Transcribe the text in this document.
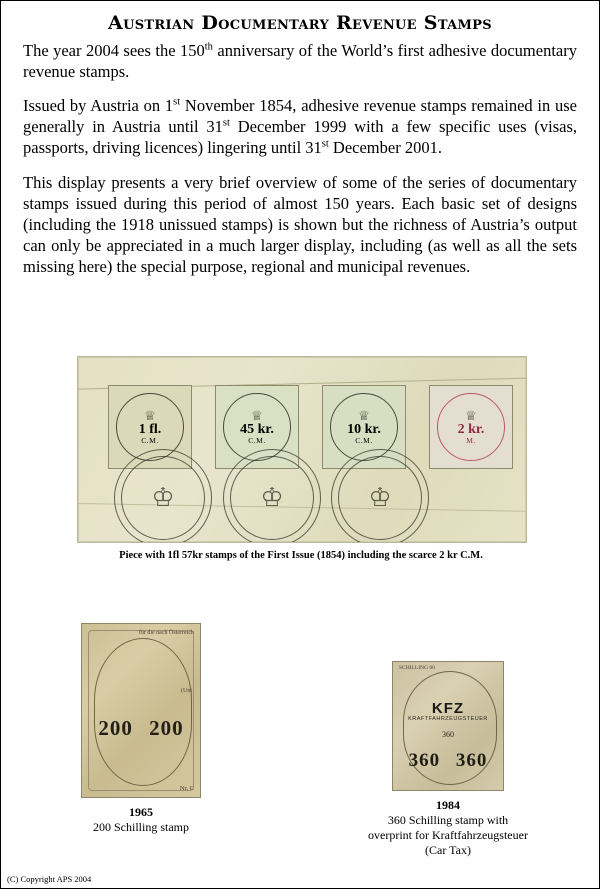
Austrian Documentary Revenue Stamps

The year 2004 sees the 150th anniversary of the World’s first adhesive documentary revenue stamps.

Issued by Austria on 1st November 1854, adhesive revenue stamps remained in use generally in Austria until 31st December 1999 with a few specific uses (visas, passports, driving licences) lingering until 31st December 2001.

This display presents a very brief overview of some of the series of documentary stamps issued during this period of almost 150 years. Each basic set of designs (including the 1918 unissued stamps) is shown but the richness of Austria’s output can only be appreciated in a much larger display, including (as well as all the sets missing here) the special purpose, regional and municipal revenues.

♕
1 fl.
C.M.
♕
45 kr.
C.M.
♕
10 kr.
C.M.
♕
2 kr.
M.
♔	♔	♔
Piece with 1fl 57kr stamps of the First Issue (1854) including the scarce 2 kr C.M.
für die nach Österreich
(Unt
200 200
Nr. C
1965
200 Schilling stamp
SCHILLING 60
KFZ
KRAFTFAHRZEUGSTEUER
360
360 360
1984
360 Schilling stamp with
overprint for Kraftfahrzeugsteuer
(Car Tax)
(C) Copyright APS 2004
